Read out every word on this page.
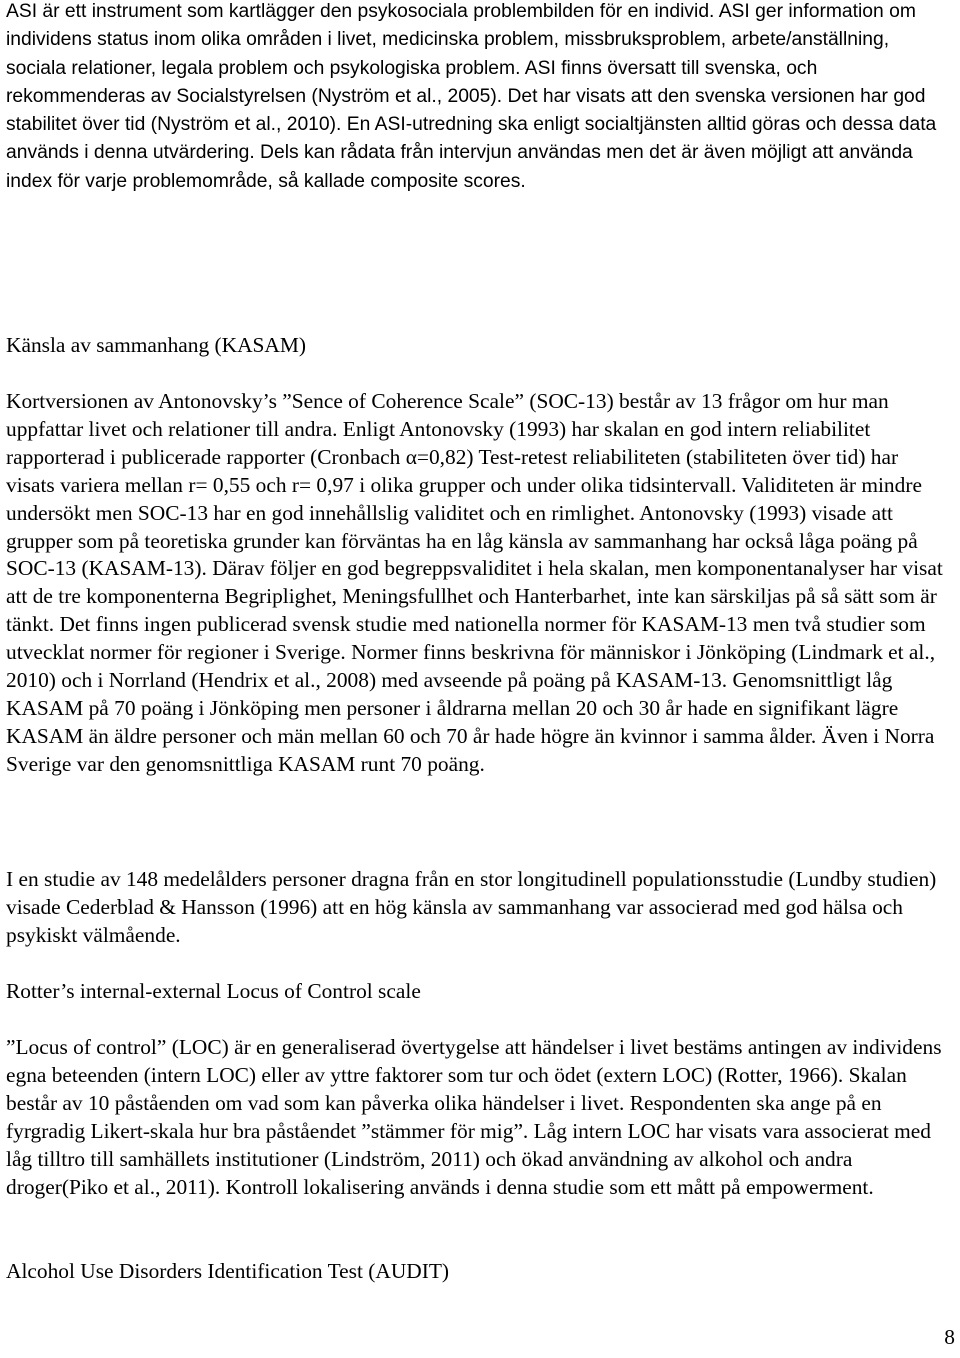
ASI är ett instrument som kartlägger den psykosociala problembilden för en individ. ASI ger information om individens status inom olika områden i livet, medicinska problem, missbruksproblem, arbete/anställning, sociala relationer, legala problem och psykologiska problem. ASI finns översatt till svenska, och rekommenderas av Socialstyrelsen (Nyström et al., 2005). Det har visats att den svenska versionen har god stabilitet över tid (Nyström et al., 2010). En ASI-utredning ska enligt socialtjänsten alltid göras och dessa data används i denna utvärdering. Dels kan rådata från intervjun användas men det är även möjligt att använda index för varje problemområde, så kallade composite scores.

Känsla av sammanhang (KASAM)

Kortversionen av Antonovsky’s ”Sence of Coherence Scale” (SOC-13) består av 13 frågor om hur man uppfattar livet och relationer till andra. Enligt Antonovsky (1993) har skalan en god intern reliabilitet rapporterad i publicerade rapporter (Cronbach α=0,82) Test-retest reliabiliteten (stabiliteten över tid) har visats variera mellan r= 0,55 och r= 0,97 i olika grupper och under olika tidsintervall. Validiteten är mindre undersökt men SOC-13 har en god innehållslig validitet och en rimlighet. Antonovsky (1993) visade att grupper som på teoretiska grunder kan förväntas ha en låg känsla av sammanhang har också låga poäng på SOC-13 (KASAM-13). Därav följer en god begreppsvaliditet i hela skalan, men komponentanalyser har visat att de tre komponenterna Begriplighet, Meningsfullhet och Hanterbarhet, inte kan särskiljas på så sätt som är tänkt. Det finns ingen publicerad svensk studie med nationella normer för KASAM-13 men två studier som utvecklat normer för regioner i Sverige. Normer finns beskrivna för människor i Jönköping (Lindmark et al., 2010) och i Norrland (Hendrix et al., 2008) med avseende på poäng på KASAM-13. Genomsnittligt låg KASAM på 70 poäng i Jönköping men personer i åldrarna mellan 20 och 30 år hade en signifikant lägre KASAM än äldre personer och män mellan 60 och 70 år hade högre än kvinnor i samma ålder. Även i Norra Sverige var den genomsnittliga KASAM runt 70 poäng.

I en studie av 148 medelålders personer dragna från en stor longitudinell populationsstudie (Lundby studien) visade Cederblad & Hansson (1996) att en hög känsla av sammanhang var associerad med god hälsa och psykiskt välmående.

Rotter’s internal-external Locus of Control scale

”Locus of control” (LOC) är en generaliserad övertygelse att händelser i livet bestäms antingen av individens egna beteenden (intern LOC) eller av yttre faktorer som tur och ödet (extern LOC) (Rotter, 1966). Skalan består av 10 påståenden om vad som kan påverka olika händelser i livet. Respondenten ska ange på en fyrgradig Likert-skala hur bra påståendet ”stämmer för mig”. Låg intern LOC har visats vara associerat med låg tilltro till samhällets institutioner (Lindström, 2011) och ökad användning av alkohol och andra droger(Piko et al., 2011). Kontroll lokalisering används i denna studie som ett mått på empowerment.

Alcohol Use Disorders Identification Test (AUDIT)

8
